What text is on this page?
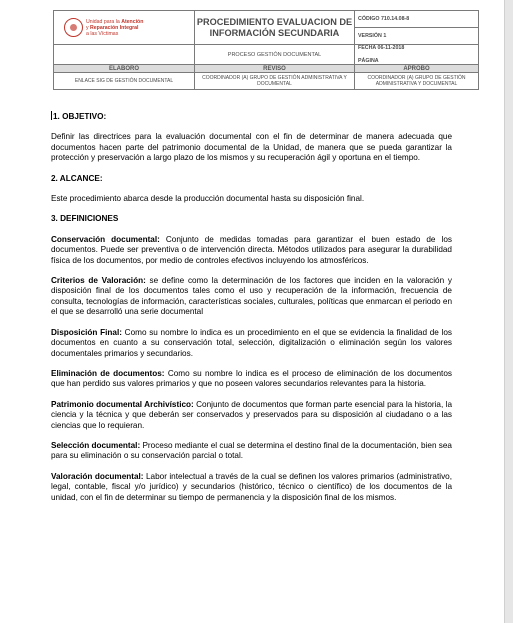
Unidad para la Atención
y Reparación Integral
a las Víctimas	PROCEDIMIENTO EVALUACION DE INFORMACIÓN SECUNDARIA	CÓDIGO 710.14.08-8
		VERSIÓN 1
	PROCESO GESTIÓN DOCUMENTAL	FECHA 06-11-2018
PÁGINA

ELABORO	REVISO	APROBO
ENLACE SIG DE GESTIÓN DOCUMENTAL	COORDINADOR (A) GRUPO DE GESTIÓN ADMINISTRATIVA Y DOCUMENTAL	COORDINADOR (A) GRUPO DE GESTIÓN ADMINISTRATIVA Y DOCUMENTAL

1. OBJETIVO:

Definir las directrices para la evaluación documental con el fin de determinar de manera adecuada que documentos hacen parte del patrimonio documental de la Unidad, de manera que se pueda garantizar la protección y preservación a largo plazo de los mismos y su recuperación ágil y oportuna en el tiempo.

2. ALCANCE:

Este procedimiento abarca desde la producción documental hasta su disposición final.

3. DEFINICIONES

Conservación documental: Conjunto de medidas tomadas para garantizar el buen estado de los documentos. Puede ser preventiva o de intervención directa. Métodos utilizados para asegurar la durabilidad física de los documentos, por medio de controles efectivos incluyendo los atmosféricos.

Criterios de Valoración: se define como la determinación de los factores que inciden en la valoración y disposición final de los documentos tales como el uso y recuperación de la información, frecuencia de consulta, tecnologías de información, características sociales, culturales, políticas que enmarcan el periodo en el que se desarrolló una serie documental

Disposición Final: Como su nombre lo indica es un procedimiento en el que se evidencia la finalidad de los documentos en cuanto a su conservación total, selección, digitalización o eliminación según los valores documentales primarios y secundarios.

Eliminación de documentos: Como su nombre lo indica es el proceso de eliminación de los documentos que han perdido sus valores primarios y que no poseen valores secundarios relevantes para la historia.

Patrimonio documental Archivístico: Conjunto de documentos que forman parte esencial para la historia, la ciencia y la técnica y que deberán ser conservados y preservados para su disposición al ciudadano o a las ciencias que lo requieran.

Selección documental: Proceso mediante el cual se determina el destino final de la documentación, bien sea para su eliminación o su conservación parcial o total.

Valoración documental: Labor intelectual a través de la cual se definen los valores primarios (administrativo, legal, contable, fiscal y/o jurídico) y secundarios (histórico, técnico o científico) de los documentos de la unidad, con el fin de determinar su tiempo de permanencia y la disposición final de los mismos.
